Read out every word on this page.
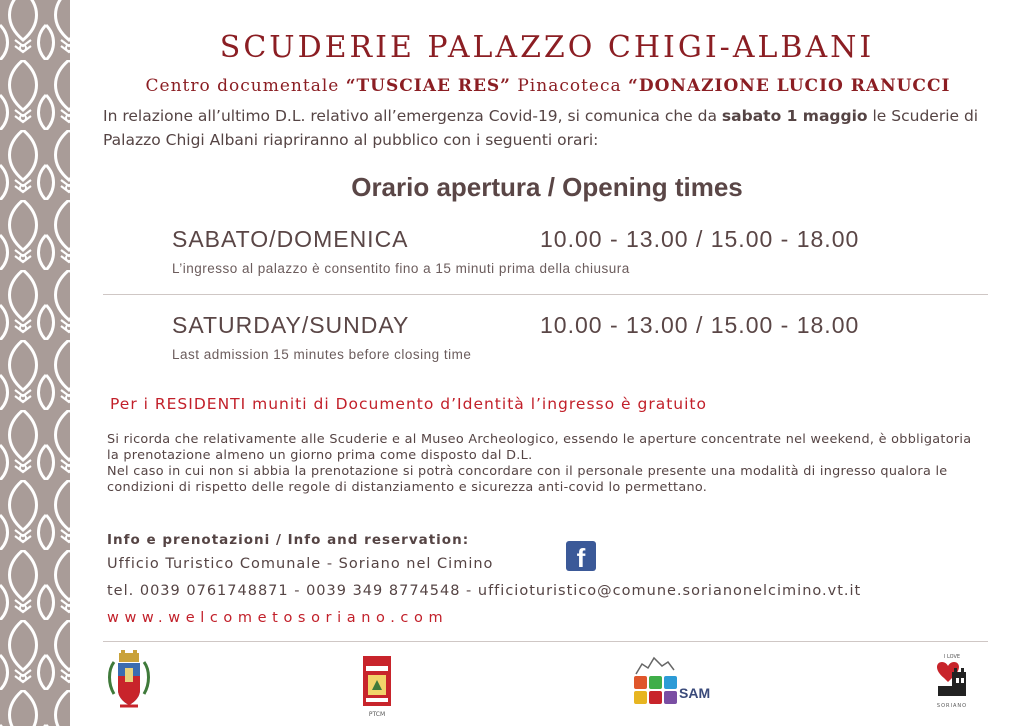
SCUDERIE PALAZZO CHIGI-ALBANI
Centro documentale “TUSCIAE RES” Pinacoteca “DONAZIONE LUCIO RANUCCI
In relazione all’ultimo D.L. relativo all’emergenza Covid-19, si comunica che da sabato 1 maggio le Scuderie di Palazzo Chigi Albani riapriranno al pubblico con i seguenti orari:
Orario apertura / Opening times
SABATO/DOMENICA	10.00 - 13.00 / 15.00 - 18.00
L’ingresso al palazzo è consentito fino a 15 minuti prima della chiusura
SATURDAY/SUNDAY	10.00 - 13.00 / 15.00 - 18.00
Last admission 15 minutes before closing time
Per i RESIDENTI muniti di Documento d’Identità l’ingresso è gratuito

Si ricorda che relativamente alle Scuderie e al Museo Archeologico, essendo le aperture concentrate nel weekend, è obbligatoria la prenotazione almeno un giorno prima come disposto dal D.L.

Nel caso in cui non si abbia la prenotazione si potrà concordare con il personale presente una modalità di ingresso qualora le condizioni di rispetto delle regole di distanziamento e sicurezza anti-covid lo permettano.

Info e prenotazioni / Info and reservation:
Ufficio Turistico Comunale - Soriano nel Cimino	f
tel. 0039 0761748871 - 0039 349 8774548 - ufficioturistico@comune.sorianonelcimino.vt.it
www.welcometosoriano.com
PTCM
SAM
I LOVE
SORIANO
